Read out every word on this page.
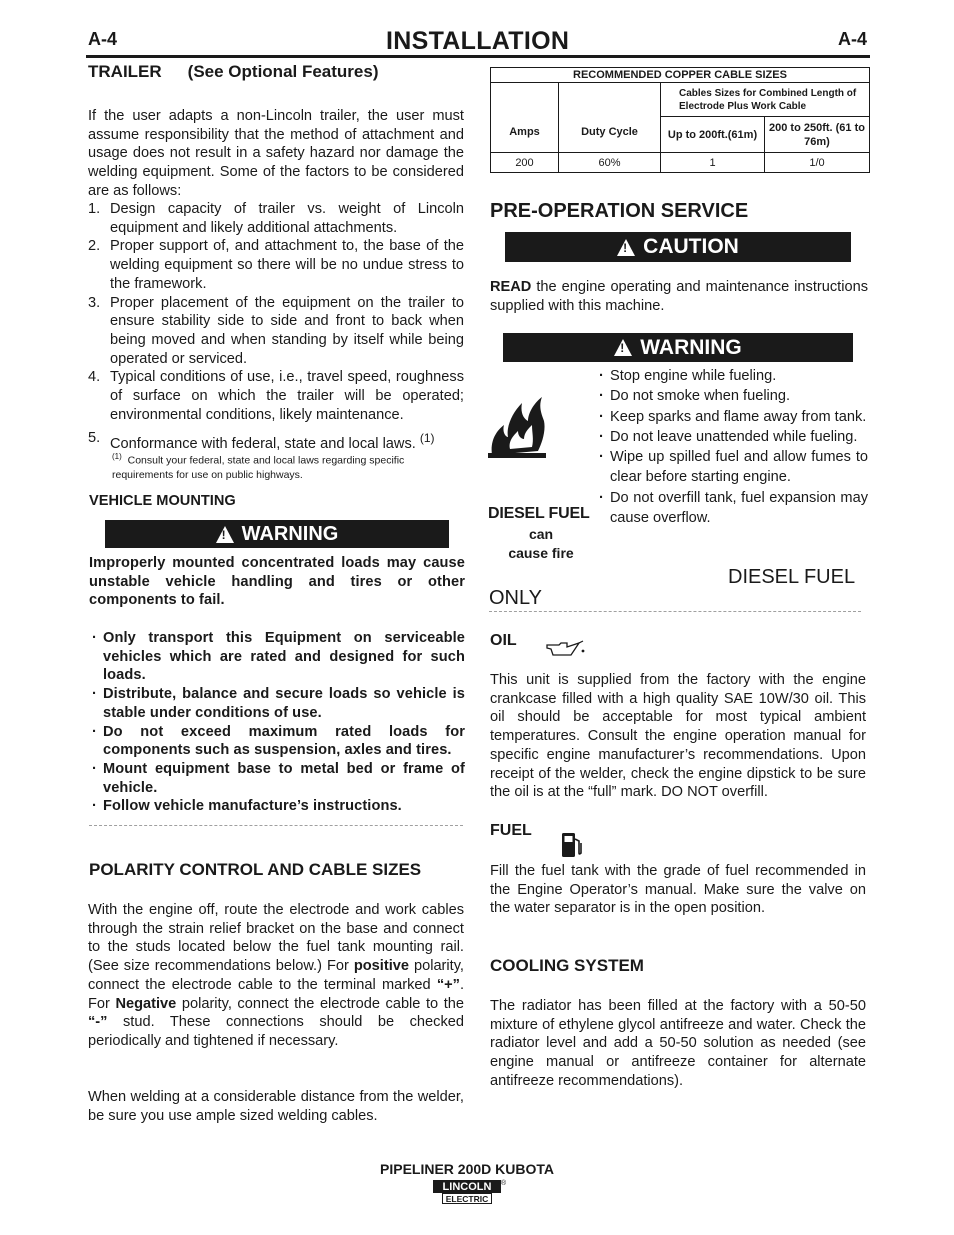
A-4	INSTALLATION	A-4
TRAILER (See Optional Features)
If the user adapts a non-Lincoln trailer, the user must assume responsibility that the method of attachment and usage does not result in a safety hazard nor damage the welding equipment. Some of the factors to be considered are as follows:
1. Design capacity of trailer vs. weight of Lincoln equipment and likely additional attachments.
2. Proper support of, and attachment to, the base of the welding equipment so there will be no undue stress to the framework.
3. Proper placement of the equipment on the trailer to ensure stability side to side and front to back when being moved and when standing by itself while being operated or serviced.
4. Typical conditions of use, i.e., travel speed, roughness of surface on which the trailer will be operated; environmental conditions, likely maintenance.
5. Conformance with federal, state and local laws. $^{(1)}$
$^{(1)}$ Consult your federal, state and local laws regarding specific requirements for use on public highways.
VEHICLE MOUNTING
!
WARNING
Improperly mounted concentrated loads may cause unstable vehicle handling and tires or other components to fail.
· Only transport this Equipment on serviceable vehicles which are rated and designed for such loads.
· Distribute, balance and secure loads so vehicle is stable under conditions of use.
· Do not exceed maximum rated loads for components such as suspension, axles and tires.
· Mount equipment base to metal bed or frame of vehicle.
· Follow vehicle manufacture’s instructions.
POLARITY CONTROL AND CABLE SIZES
With the engine off, route the electrode and work cables through the strain relief bracket on the base and connect to the studs located below the fuel tank mounting rail. (See size recommendations below.) For positive polarity, connect the electrode cable to the terminal marked “+”. For Negative polarity, connect the electrode cable to the “-” stud. These connections should be checked periodically and tightened if necessary.
When welding at a considerable distance from the welder, be sure you use ample sized welding cables.
RECOMMENDED COPPER CABLE SIZES			
Amps	Duty Cycle	Cables Sizes for Combined Length of Electrode Plus Work Cable	
		Up to 200ft.(61m)	200 to 250ft. (61 to 76m)
200	60%	1	1/0
PRE-OPERATION SERVICE
!
CAUTION
READ the engine operating and maintenance instructions supplied with this machine.
!
WARNING
DIESEL FUEL
can
cause fire
· Stop engine while fueling.
· Do not smoke when fueling.
· Keep sparks and flame away from tank.
· Do not leave unattended while fueling.
· Wipe up spilled fuel and allow fumes to clear before starting engine.
· Do not overfill tank, fuel expansion may cause overflow.
DIESEL FUEL
ONLY
OIL
This unit is supplied from the factory with the engine crankcase filled with a high quality SAE 10W/30 oil. This oil should be acceptable for most typical ambient temperatures. Consult the engine operation manual for specific engine manufacturer’s recommendations. Upon receipt of the welder, check the engine dipstick to be sure the oil is at the “full” mark. DO NOT overfill.
FUEL
Fill the fuel tank with the grade of fuel recommended in the Engine Operator’s manual. Make sure the valve on the water separator is in the open position.
COOLING SYSTEM
The radiator has been filled at the factory with a 50-50 mixture of ethylene glycol antifreeze and water. Check the radiator level and add a 50-50 solution as needed (see engine manual or antifreeze container for alternate antifreeze recommendations).
PIPELINER 200D KUBOTA
LINCOLN
ELECTRIC
®
